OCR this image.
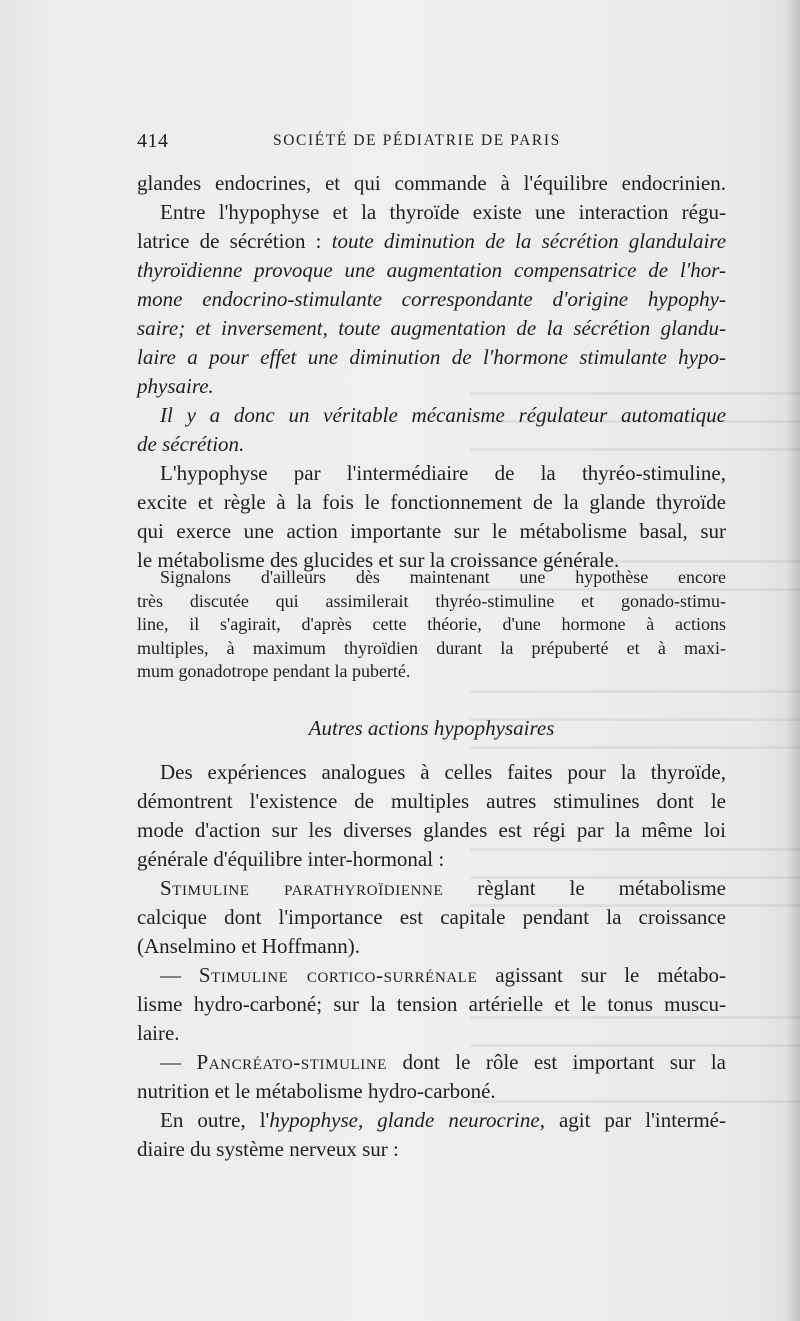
414	SOCIÉTÉ DE PÉDIATRIE DE PARIS
glandes endocrines, et qui commande à l'équilibre endocrinien.
Entre l'hypophyse et la thyroïde existe une interaction régu-
latrice de sécrétion : toute diminution de la sécrétion glandulaire
thyroïdienne provoque une augmentation compensatrice de l'hor-
mone endocrino-stimulante correspondante d'origine hypophy-
saire; et inversement, toute augmentation de la sécrétion glandu-
laire a pour effet une diminution de l'hormone stimulante hypo-
physaire.
Il y a donc un véritable mécanisme régulateur automatique
de sécrétion.
L'hypophyse par l'intermédiaire de la thyréo-stimuline,
excite et règle à la fois le fonctionnement de la glande thyroïde
qui exerce une action importante sur le métabolisme basal, sur
le métabolisme des glucides et sur la croissance générale.
Signalons d'ailleurs dès maintenant une hypothèse encore
très discutée qui assimilerait thyréo-stimuline et gonado-stimu-
line, il s'agirait, d'après cette théorie, d'une hormone à actions
multiples, à maximum thyroïdien durant la prépuberté et à maxi-
mum gonadotrope pendant la puberté.
Autres actions hypophysaires
Des expériences analogues à celles faites pour la thyroïde,
démontrent l'existence de multiples autres stimulines dont le
mode d'action sur les diverses glandes est régi par la même loi
générale d'équilibre inter-hormonal :
Stimuline parathyroïdienne règlant le métabolisme
calcique dont l'importance est capitale pendant la croissance
(Anselmino et Hoffmann).
— Stimuline cortico-surrénale agissant sur le métabo-
lisme hydro-carboné; sur la tension artérielle et le tonus muscu-
laire.
— Pancréato-stimuline dont le rôle est important sur la
nutrition et le métabolisme hydro-carboné.
En outre, l'hypophyse, glande neurocrine, agit par l'intermé-
diaire du système nerveux sur :
